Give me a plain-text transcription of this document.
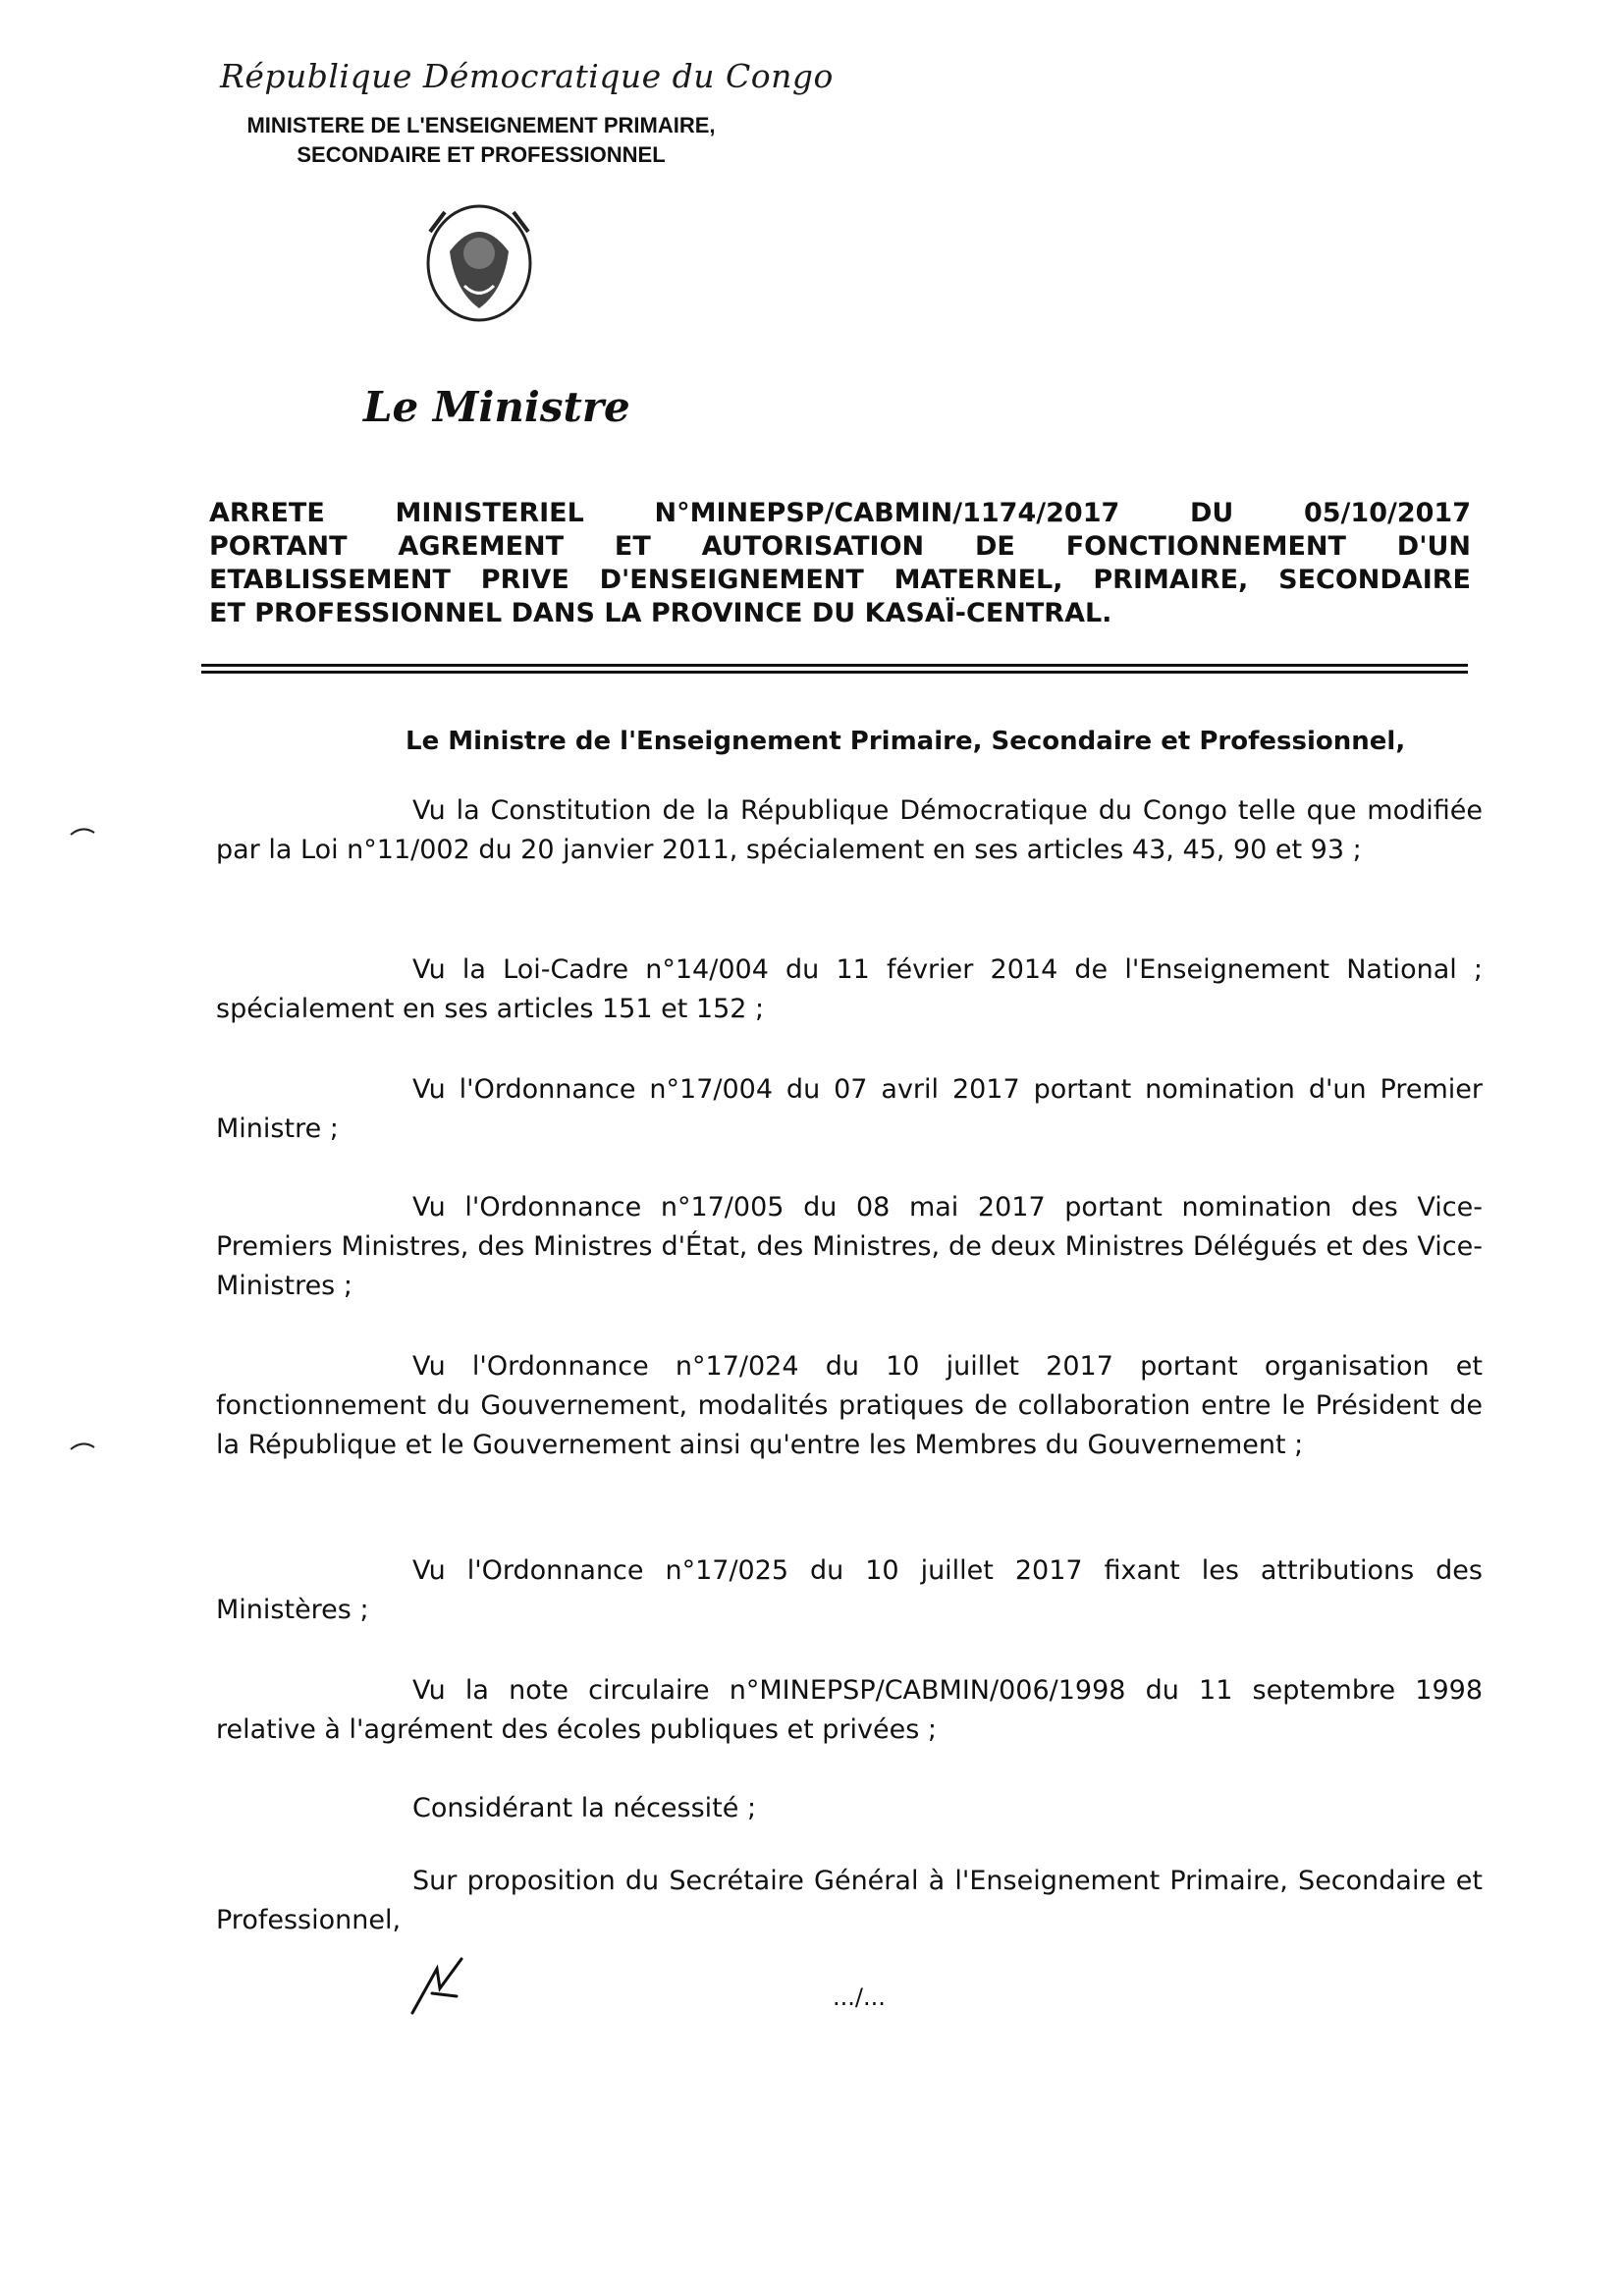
République Démocratique du Congo
MINISTERE DE L'ENSEIGNEMENT PRIMAIRE,
SECONDAIRE ET PROFESSIONNEL
Le Ministre
ARRETE MINISTERIEL N°MINEPSP/CABMIN/1174/2017 DU 05/10/2017
PORTANT AGREMENT ET AUTORISATION DE FONCTIONNEMENT D'UN
ETABLISSEMENT PRIVE D'ENSEIGNEMENT MATERNEL, PRIMAIRE, SECONDAIRE
ET PROFESSIONNEL DANS LA PROVINCE DU KASAÏ-CENTRAL.
Le Ministre de l'Enseignement Primaire, Secondaire et Professionnel,
Vu la Constitution de la République Démocratique du Congo telle que modifiée par la Loi n°11/002 du 20 janvier 2011, spécialement en ses articles 43, 45, 90 et 93 ;
Vu la Loi-Cadre n°14/004 du 11 février 2014 de l'Enseignement National ; spécialement en ses articles 151 et 152 ;
Vu l'Ordonnance n°17/004 du 07 avril 2017 portant nomination d'un Premier Ministre ;
Vu l'Ordonnance n°17/005 du 08 mai 2017 portant nomination des Vice-Premiers Ministres, des Ministres d'État, des Ministres, de deux Ministres Délégués et des Vice-Ministres ;
Vu l'Ordonnance n°17/024 du 10 juillet 2017 portant organisation et fonctionnement du Gouvernement, modalités pratiques de collaboration entre le Président de la République et le Gouvernement ainsi qu'entre les Membres du Gouvernement ;
Vu l'Ordonnance n°17/025 du 10 juillet 2017 fixant les attributions des Ministères ;
Vu la note circulaire n°MINEPSP/CABMIN/006/1998 du 11 septembre 1998 relative à l'agrément des écoles publiques et privées ;
Considérant la nécessité ;
Sur proposition du Secrétaire Général à l'Enseignement Primaire, Secondaire et Professionnel,
.../...
